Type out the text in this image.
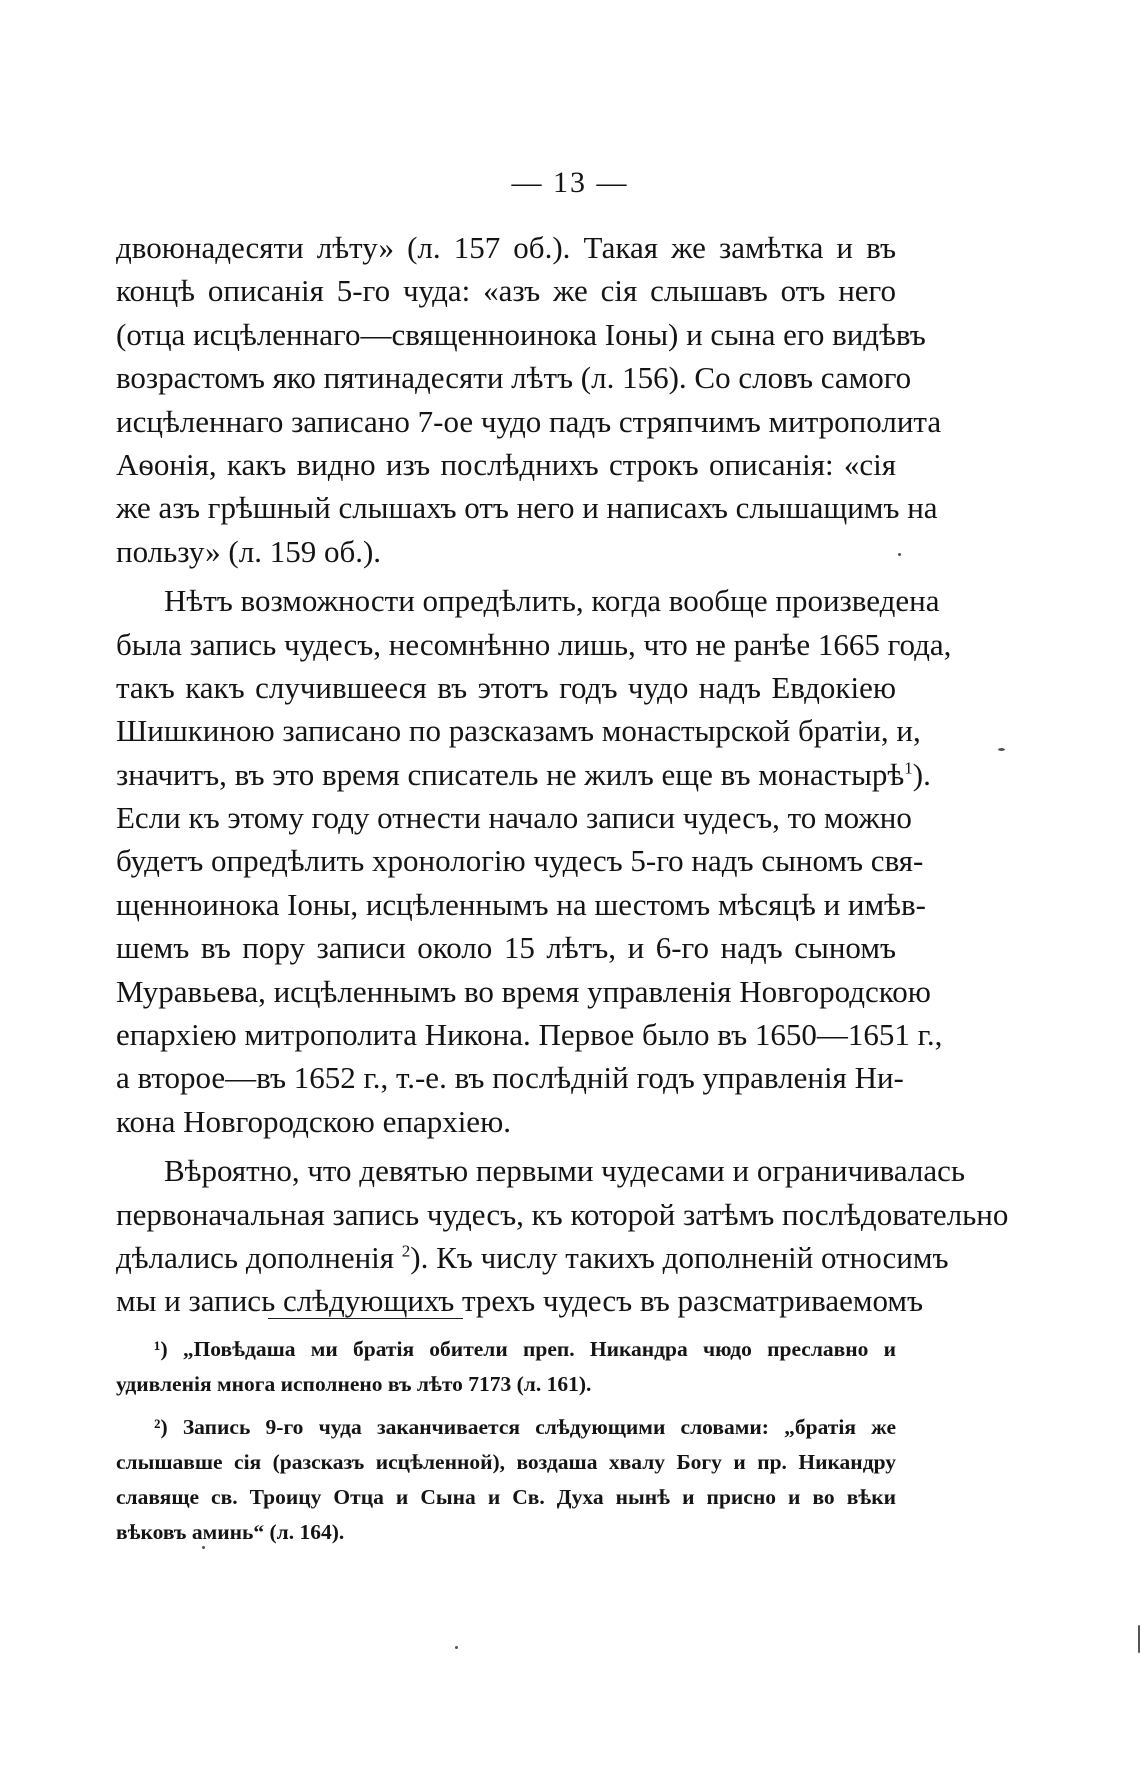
— 13 —
двоюнадесяти лѣту» (л. 157 об.). Такая же замѣтка и въ
концѣ описанія 5-го чуда: «азъ же сія слышавъ отъ него
(отца исцѣленнаго—священноинока Іоны) и сына его видѣвъ
возрастомъ яко пятинадесяти лѣтъ (л. 156). Со словъ самого
исцѣленнаго записано 7-ое чудо падъ стряпчимъ митрополита
Аѳонія, какъ видно изъ послѣднихъ строкъ описанія: «сія
же азъ грѣшный слышахъ отъ него и написахъ слышащимъ на
пользу» (л. 159 об.).
Нѣтъ возможности опредѣлить, когда вообще произведена
была запись чудесъ, несомнѣнно лишь, что не ранѣе 1665 года,
такъ какъ случившееся въ этотъ годъ чудо надъ Евдокіею
Шишкиною записано по разсказамъ монастырской братіи, и,
значитъ, въ это время списатель не жилъ еще въ монастырѣ$^1$).
Если къ этому году отнести начало записи чудесъ, то можно
будетъ опредѣлить хронологію чудесъ 5-го надъ сыномъ свя-
щенноинока Іоны, исцѣленнымъ на шестомъ мѣсяцѣ и имѣв-
шемъ въ пору записи около 15 лѣтъ, и 6-го надъ сыномъ
Муравьева, исцѣленнымъ во время управленія Новгородскою
епархіею митрополита Никона. Первое было въ 1650—1651 г.,
а второе—въ 1652 г., т.-е. въ послѣдній годъ управленія Ни-
кона Новгородскою епархіею.
Вѣроятно, что девятью первыми чудесами и ограничивалась
первоначальная запись чудесъ, къ которой затѣмъ послѣдовательно
дѣлались дополненія $^2$). Къ числу такихъ дополненій относимъ
мы и запись слѣдующихъ трехъ чудесъ въ разсматриваемомъ
¹) „Повѣдаша ми братія обители преп. Никандра чюдо преславно и
удивленія многа исполнено въ лѣто 7173 (л. 161).
²) Запись 9-го чуда заканчивается слѣдующими словами: „братія же
слышавше сія (разсказъ исцѣленной), воздаша хвалу Богу и пр. Никандру
славяще св. Троицу Отца и Сына и Св. Духа нынѣ и присно и во вѣки
вѣковъ аминь“ (л. 164).
